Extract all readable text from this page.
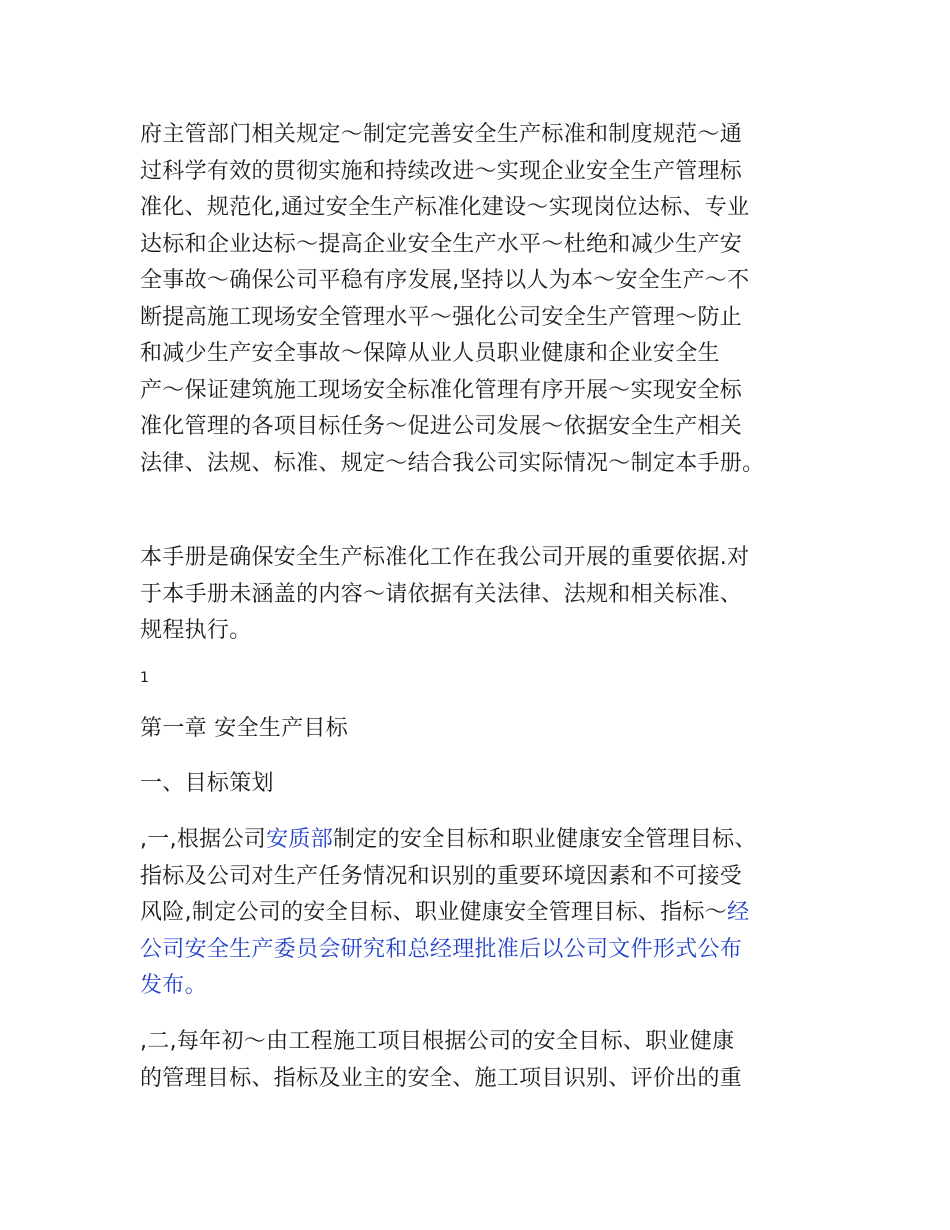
府主管部门相关规定～制定完善安全生产标准和制度规范～通
过科学有效的贯彻实施和持续改进～实现企业安全生产管理标
准化、规范化,通过安全生产标准化建设～实现岗位达标、专业
达标和企业达标～提高企业安全生产水平～杜绝和减少生产安
全事故～确保公司平稳有序发展,坚持以人为本～安全生产～不
断提高施工现场安全管理水平～强化公司安全生产管理～防止
和减少生产安全事故～保障从业人员职业健康和企业安全生
产～保证建筑施工现场安全标准化管理有序开展～实现安全标
准化管理的各项目标任务～促进公司发展～依据安全生产相关
法律、法规、标准、规定～结合我公司实际情况～制定本手册。
本手册是确保安全生产标准化工作在我公司开展的重要依据.对
于本手册未涵盖的内容～请依据有关法律、法规和相关标准、
规程执行。
1
第一章 安全生产目标
一、目标策划
,一,根据公司安质部制定的安全目标和职业健康安全管理目标、
指标及公司对生产任务情况和识别的重要环境因素和不可接受
风险,制定公司的安全目标、职业健康安全管理目标、指标～经
公司安全生产委员会研究和总经理批准后以公司文件形式公布
发布。
,二,每年初～由工程施工项目根据公司的安全目标、职业健康
的管理目标、指标及业主的安全、施工项目识别、评价出的重
